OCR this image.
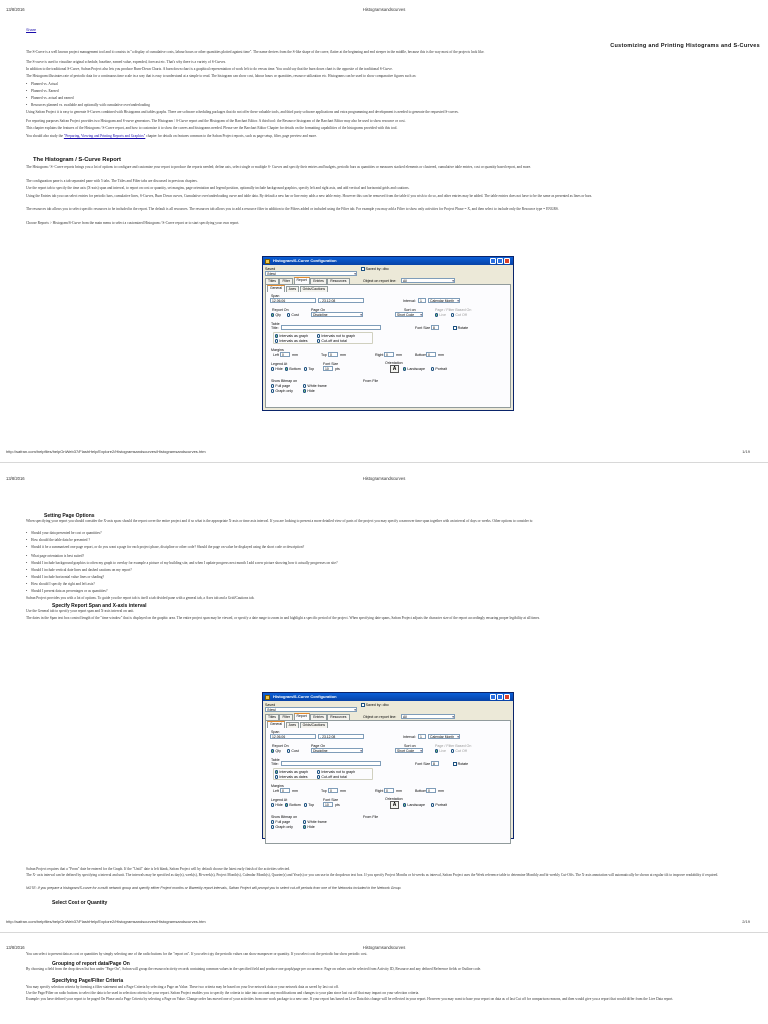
13/8/2016	Histogramsandscurves
Share
Customizing and Printing Histograms and S-Curves
The S-Curve is a well known project management tool and it consists in "a display of cumulative costs, labour hours or other quantities plotted against time". The name derives from the S-like shape of the curve, flatter at the beginning and end steeper in the middle, because this is the way most of the projects look like.
The S-curve is used to visualize original schedule, baseline, earned value, expended, forecast etc. That's why there is a variety of S-Curves.
In addition to the traditional S-Curve, Safran Project also lets you produce Burn-Down Charts. A burn down chart is a graphical representation of work left to do versus time. You could say that the burn down chart is the opposite of the traditional S-Curve.
The Histogram illustrates rate of periodic data for a continuous time scale in a way that is easy to understand at a simple to read. The histogram can show cost, labour hours or quantities, resource utilization etc. Histograms can be used to show comparative figures such as:
• Planned vs. Actual
• Planned vs. Earned
• Planned vs. actual and earned
• Resources planned vs. available and optionally with cumulative over/underloading
Using Safran Project it is easy to generate S-Curves combined with Histograms and tables graphs. There are software scheduling packages that do not offer these valuable tools, and third party software applications and extra programming and development is needed to generate the requested S-curves.
For reporting purposes Safran Project provides two Histogram and S-curve generators. The Histogram / S-Curve report and the Histogram of the Barchart Editor. A third tool: the Resource histogram of the Barchart Editor may also be used to show resource or cost.
This chapter explains the features of the Histogram / S-Curve report, and how to customize it to show the curves and histograms needed. Please see the Barchart Editor Chapter for details on the formatting capabilities of the histograms provided with this tool.
You should also study the "Preparing, Viewing and Printing Reports and Graphics" chapter for details on features common to the Safran Project reports, such as page setup, filter, page preview and more.
The Histogram / S-Curve Report
The Histogram / S- Curve reports brings you a lot of options to configure and customize your report to produce the reports needed; define axis, select single or multiple S- Curves and specify their entries and budgets, periodic bars as quantities or measures stacked elements or clustered, cumulative table entries, cost or quantity based report, and more.
The configuration pane is a tab separated pane with 5 tabs. The Titles and Filter tabs are discussed in previous chapters.
Use the report tab to specify the time axis (X-axis) span and interval, to report on cost or quantity, set margins, page orientation and legend position, optionally include background graphics, specify left and right axis, and add vertical and horizontal grids and cautions.
Using the Entries tab you can select entries for periodic bars, cumulative lines, S-Curves, Burn Down curves, Cumulative over/underloading curve and table data. By default a new bar or line entry adds a new table entry. However this can be removed from the table if you wish to do so, and other entries may be added. The table entries does not have to be the same as presented as lines or bars.
The resources tab allows you to select specific resources to be included in the report. The default is all resources. The resources tab allows you to add a resource filter in addition to the Filters added or included using the Filter tab. For example you may add a Filter to show only activities for Project Phase = X, and then select to include only the Resource type = ENGRS.
Choose Reports > Histogram/S-Curve from the main menu to select a customized Histogram / S-Curve report or to start specifying your own report.
Histogram/S-Curve Configuration
Saved
(New) ▾
Saved by: dbo
Titles	Filter	Report	Entries	Resources	Object on report line:	All ▾
General	Axes	Grids/Cautions
Span
12.06.06	- 23.12.08	Interval:	1	Calendar Month ▾
Report On
Qty	Cost
Page On
Discipline ▾
Sort on
Short Code ▾
Page / Filter Based On
Live	Cut Off
Table
Title:	Font Size 8	Rotate
Intervals as graph	Intervals not to graph
Intervals as dates	Cut-off and total
Margins
Left 0	mm	Top 0	mm	Right 0	mm	Bottom 0	mm
Legend At
Hide	Bottom	Top
Font Size
10	pts
Orientation
A	Landscape	Portrait
Show Bitmap on	From File
Full page	White frame
Graph only	Hide
http://safran.com/helpfiles/helpOnWeb37/FlashHelp/Explore2/Histogramsandscurves/Histogramsandscurves.htm	1/19
13/8/2016	Histogramsandscurves
Setting Page Options
When specifying your report you should consider the X-axis span: should the report cover the entire project and if so what is the appropriate X-axis or time axis interval. If you are looking to present a more detailed view of parts of the project you may specify a narrower time span together with an interval of days or weeks. Other options to consider is:
• Should your data presented be cost or quantities?
• How should the table data be presented ?
• Should it be a summarized one page report, or do you want a page for each project phase, discipline or other code? Should the page on value be displayed using the short code or description?
• What page orientation is best suited?
• Should I include background graphics to often my graph to overlay for example a picture of my building site, and when I update progress next month I add a new picture showing how it actually progresses on site?
• Should I include vertical date lines and dashed cautions on my report?
• Should I include horizontal value lines or shading?
• How should I specify the right and left axis?
• Should I present data as percentages or as quantities?
Safran Project provides you with a lot of options. To guide you the report tab is itself a tab divided pane with a general tab, a Axes tab and a Grid/Cautions tab.
Specify Report Span and X-axis interval
Use the General tab to specify your report span and X-axis interval on unit.
The dates in the Span text box control length of the "time window" that is displayed on the graphic area. The entire project span may be viewed, or specify a date range to zoom in and highlight a specific period of the project. When specifying date spans, Safran Project adjusts the character size of the report accordingly ensuring proper legibility at all times.
Histogram/S-Curve Configuration
Saved
(New) ▾
Saved by: dbo
Titles	Filter	Report	Entries	Resources	Object on report line:	All ▾
General	Axes	Grids/Cautions
Span
12.06.06	- 23.12.08	Interval:	1	Calendar Month ▾
Report On
Qty	Cost
Page On
Discipline ▾
Sort on
Short Code ▾
Page / Filter Based On
Live	Cut Off
Table
Title:	Font Size 8	Rotate
Intervals as graph	Intervals not to graph
Intervals as dates	Cut-off and total
Margins
Left 0	mm	Top 0	mm	Right 0	mm	Bottom 0	mm
Legend At
Hide	Bottom	Top
Font Size
10	pts
Orientation
A	Landscape	Portrait
Show Bitmap on	From File
Full page	White frame
Graph only	Hide
Safran Project requires that a "From" date be entered for the Graph. If the "Until" date is left blank, Safran Project will by default choose the latest early finish of the activities selected.
The X- axis interval can be defined by specifying a interval and unit. The intervals may be specified as day(s), week(s), Bi-week(s), Project Month(s), Calendar Month(s), Quarter(s) and Year(s) or you can use in the dropdown text box. If you specify Project Months or bi-weeks as interval, Safran Project uses the Week reference table to determine Monthly and bi-weekly Cut-Offs. The X-axis annotation will automatically be shown at regular tilt to improve readability if required.
NOTE: If you prepare a histogram/S-curve for a multi network group and specify either Project months or Biweekly report intervals, Safran Project will prompt you to select cut-off periods from one of the Networks included in the Network Group.
Select Cost or Quantity
http://safran.com/helpfiles/helpOnWeb37/FlashHelp/Explore2/Histogramsandscurves/Histogramsandscurves.htm	2/19
13/8/2016	Histogramsandscurves
You can select to present data as cost or quantities by simply selecting one of the radio buttons for the "report on". If you select qty the periodic values can show manpower or quantity. If you select cost the periodic bar show periodic cost.
Grouping of report data/Page On
By choosing a field from the drop down list box under "Page On", Safran will group the resource/activity records containing common values in the specified field and produce one graph/page per occurrence. Page on values can be selected from Activity ID, Resource and any defined Reference fields or Outline code.
Specifying Page/Filter Criteria
You may specify selection criteria by forming a filter statement and a Page Criteria by selecting a Page on Value. These two criteria may be based on your live network data or your network data as saved by last cut off.
Use the Page/Filter on radio buttons to select the data to be used in selection criteria for your report. Safran Project enables you to specify the criteria to take into account any modifications and changes to your plan since last cut off that may impact on your selection criteria.
Example: you have defined your report to be paged On Phase and a Page Criteria by selecting a Page on Value. Change order has moved one of your activities from one work package to a new one. If your report has based on Live Data this change will be reflected in your report. However you may want to base your report on data as of last Cut off for comparison reasons, and then would give you a report that would differ from the Live Data report.
